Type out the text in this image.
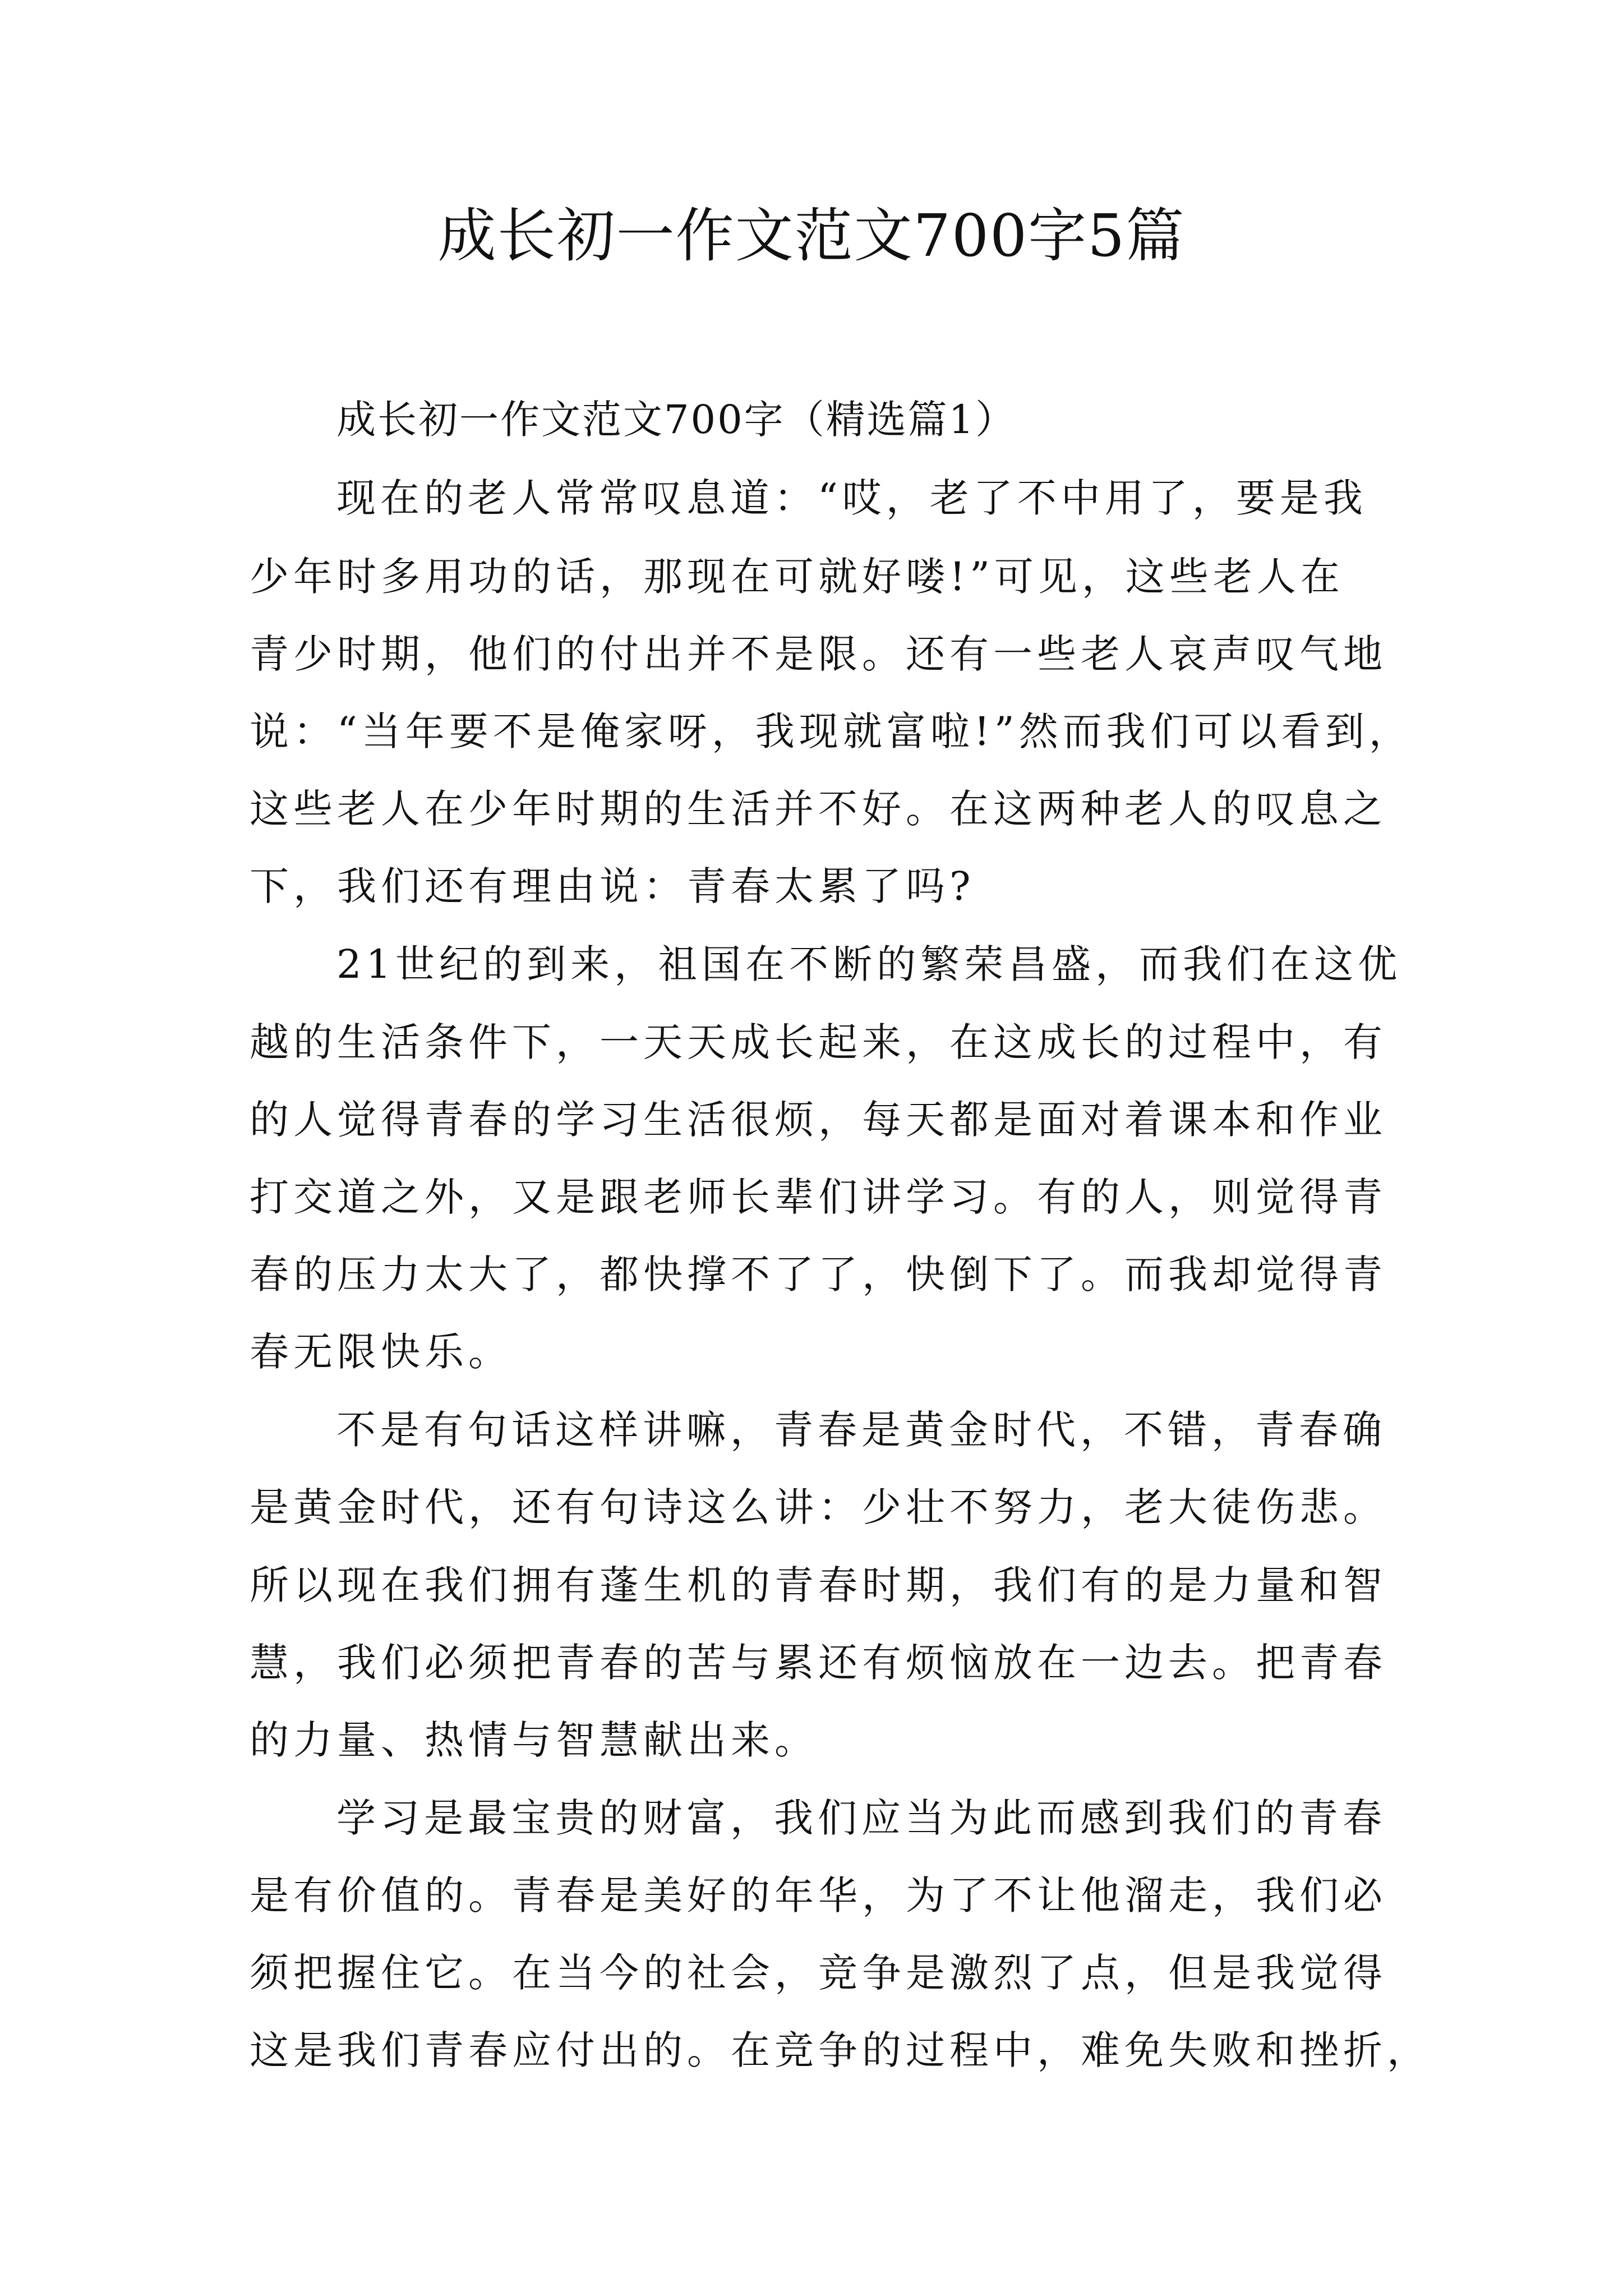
成长初一作文范文700字5篇

成长初一作文范文700字（精选篇1）

现在的老人常常叹息道：“哎，老了不中用了，要是我

少年时多用功的话，那现在可就好喽!”可见，这些老人在

青少时期，他们的付出并不是限。还有一些老人哀声叹气地

说：“当年要不是俺家呀，我现就富啦!”然而我们可以看到，

这些老人在少年时期的生活并不好。在这两种老人的叹息之

下，我们还有理由说：青春太累了吗?

21世纪的到来，祖国在不断的繁荣昌盛，而我们在这优

越的生活条件下，一天天成长起来，在这成长的过程中，有

的人觉得青春的学习生活很烦，每天都是面对着课本和作业

打交道之外，又是跟老师长辈们讲学习。有的人，则觉得青

春的压力太大了，都快撑不了了，快倒下了。而我却觉得青

春无限快乐。

不是有句话这样讲嘛，青春是黄金时代，不错，青春确

是黄金时代，还有句诗这么讲：少壮不努力，老大徒伤悲。

所以现在我们拥有蓬生机的青春时期，我们有的是力量和智

慧，我们必须把青春的苦与累还有烦恼放在一边去。把青春

的力量、热情与智慧献出来。

学习是最宝贵的财富，我们应当为此而感到我们的青春

是有价值的。青春是美好的年华，为了不让他溜走，我们必

须把握住它。在当今的社会，竞争是激烈了点，但是我觉得

这是我们青春应付出的。在竞争的过程中，难免失败和挫折，
